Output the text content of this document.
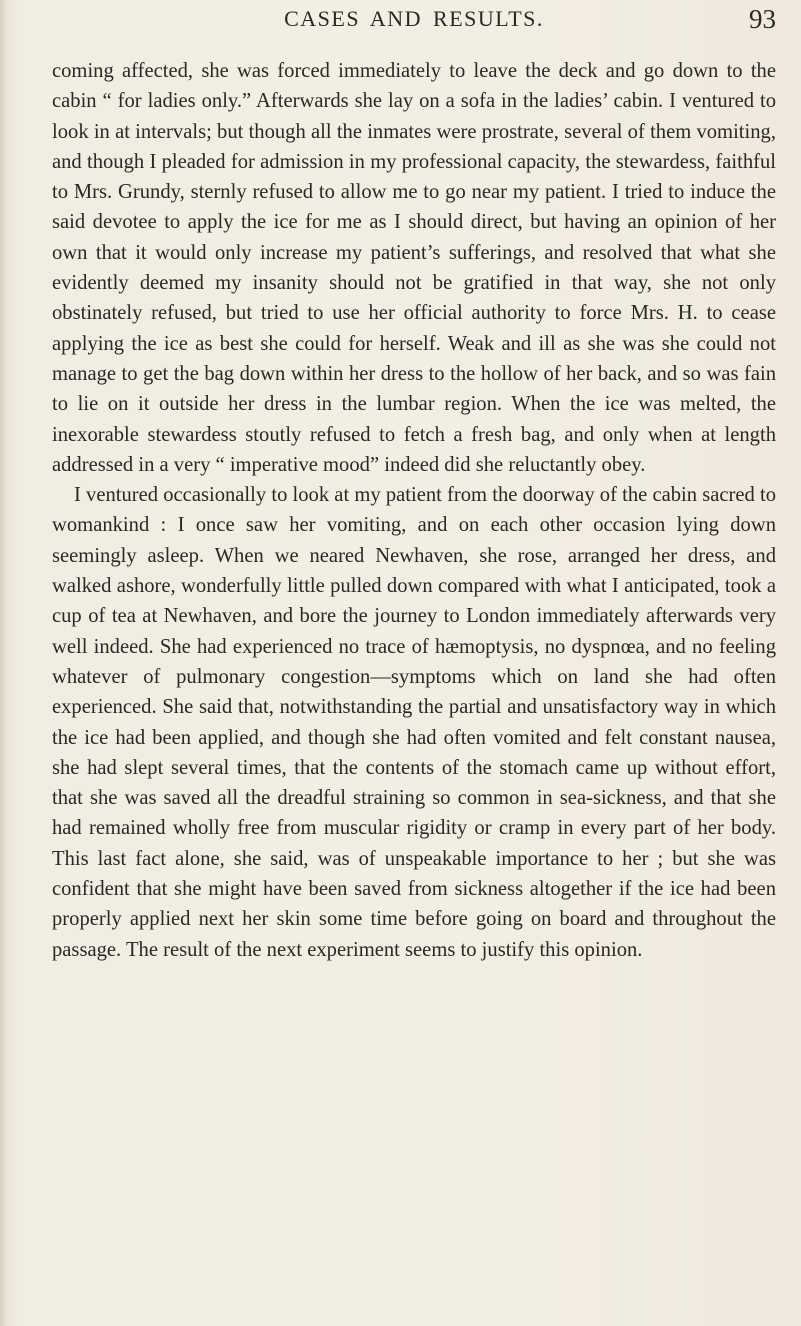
CASES AND RESULTS.	93

coming affected, she was forced immediately to leave the deck and go down to the cabin “ for ladies only.” Afterwards she lay on a sofa in the ladies’ cabin. I ventured to look in at intervals; but though all the inmates were prostrate, several of them vomiting, and though I pleaded for admission in my professional capacity, the stewardess, faithful to Mrs. Grundy, sternly refused to allow me to go near my patient. I tried to induce the said devotee to apply the ice for me as I should direct, but having an opinion of her own that it would only increase my patient’s sufferings, and resolved that what she evidently deemed my insanity should not be gratified in that way, she not only obstinately refused, but tried to use her official authority to force Mrs. H. to cease applying the ice as best she could for herself. Weak and ill as she was she could not manage to get the bag down within her dress to the hollow of her back, and so was fain to lie on it outside her dress in the lumbar region. When the ice was melted, the inexorable stewardess stoutly refused to fetch a fresh bag, and only when at length addressed in a very “ imperative mood” indeed did she reluctantly obey.

I ventured occasionally to look at my patient from the doorway of the cabin sacred to womankind : I once saw her vomiting, and on each other occasion lying down seemingly asleep. When we neared Newhaven, she rose, arranged her dress, and walked ashore, wonderfully little pulled down compared with what I anticipated, took a cup of tea at Newhaven, and bore the journey to London immediately afterwards very well indeed. She had experienced no trace of hæmoptysis, no dyspnœa, and no feeling whatever of pulmonary congestion—symptoms which on land she had often experienced. She said that, notwithstanding the partial and unsatisfactory way in which the ice had been applied, and though she had often vomited and felt constant nausea, she had slept several times, that the contents of the stomach came up without effort, that she was saved all the dreadful straining so common in sea-sickness, and that she had remained wholly free from muscular rigidity or cramp in every part of her body. This last fact alone, she said, was of unspeakable importance to her ; but she was confident that she might have been saved from sickness altogether if the ice had been properly applied next her skin some time before going on board and throughout the passage. The result of the next experiment seems to justify this opinion.
